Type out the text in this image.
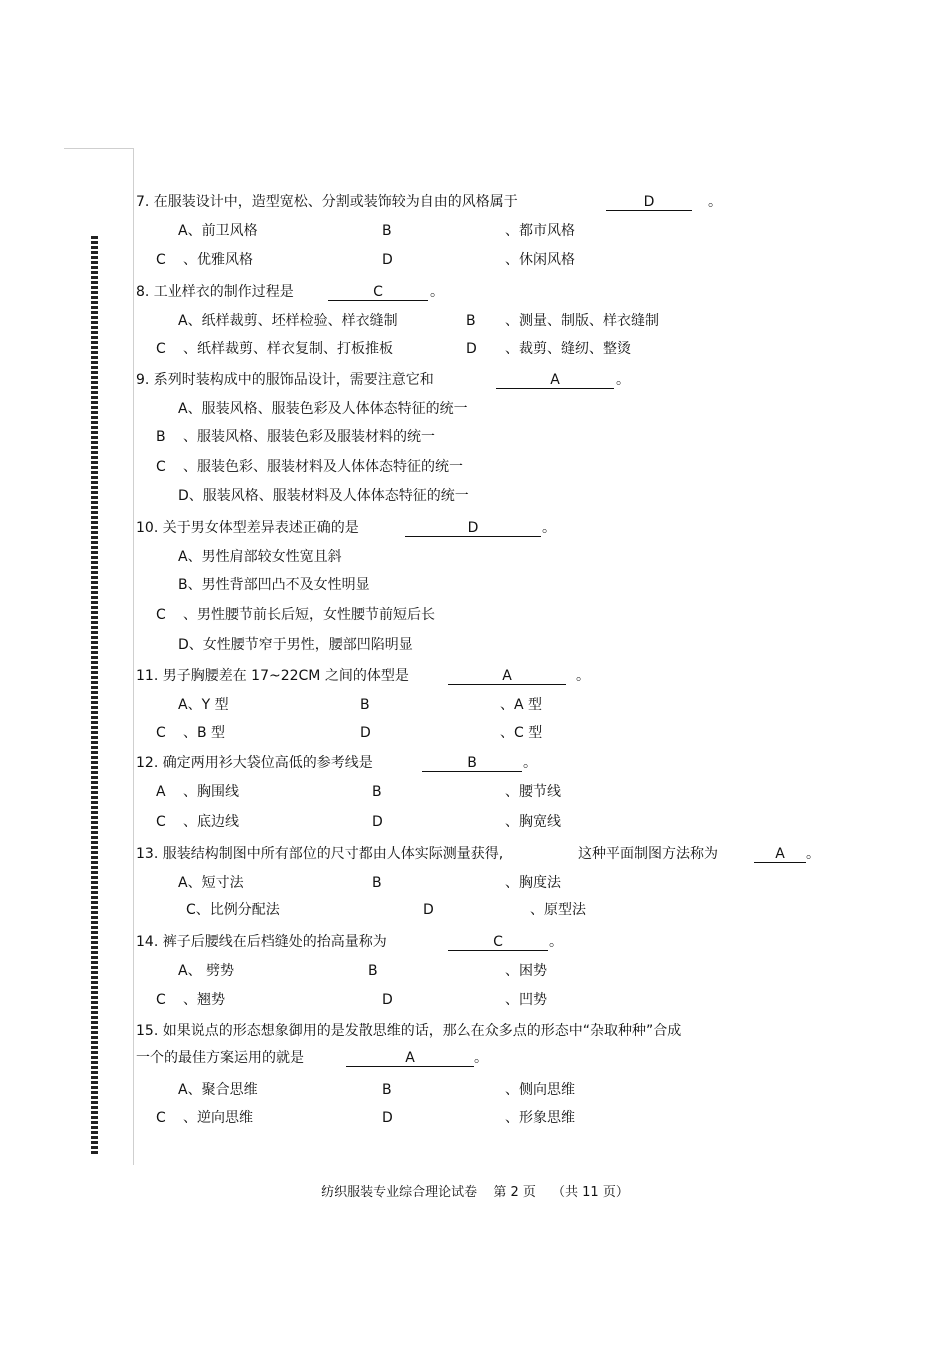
7. 在服装设计中，造型宽松、分割或装饰较为自由的风格属于	D	。
A、前卫风格	B	、都市风格
C 、优雅风格	D	、休闲风格
8. 工业样衣的制作过程是	C	。
A、纸样裁剪、坯样检验、样衣缝制	B 、测量、制版、样衣缝制
C 、纸样裁剪、样衣复制、打板推板	D 、裁剪、缝纫、整烫
9. 系列时装构成中的服饰品设计，需要注意它和	A	。
A、服装风格、服装色彩及人体体态特征的统一
B 、服装风格、服装色彩及服装材料的统一
C 、服装色彩、服装材料及人体体态特征的统一
D、服装风格、服装材料及人体体态特征的统一
10. 关于男女体型差异表述正确的是	D	。
A、男性肩部较女性宽且斜
B、男性背部凹凸不及女性明显
C 、男性腰节前长后短，女性腰节前短后长
D、女性腰节窄于男性，腰部凹陷明显
11. 男子胸腰差在 17~22CM 之间的体型是	A	。
A、Y 型	B	、A 型
C 、B 型	D	、C 型
12. 确定两用衫大袋位高低的参考线是	B	。
A 、胸围线	B	、腰节线
C 、底边线	D	、胸宽线
13. 服装结构制图中所有部位的尺寸都由人体实际测量获得,	这种平面制图方法称为	A	。
A、短寸法	B	、胸度法
C、比例分配法	D	、原型法
14. 裤子后腰线在后档缝处的抬高量称为	C	。
A、 劈势	B	、困势
C 、翘势	D	、凹势
15. 如果说点的形态想象御用的是发散思维的话，那么在众多点的形态中“杂取种种”合成
一个的最佳方案运用的就是	A	。
A、聚合思维	B	、侧向思维
C 、逆向思维	D	、形象思维
纺织服装专业综合理论试卷 第 2 页 （共 11 页）
